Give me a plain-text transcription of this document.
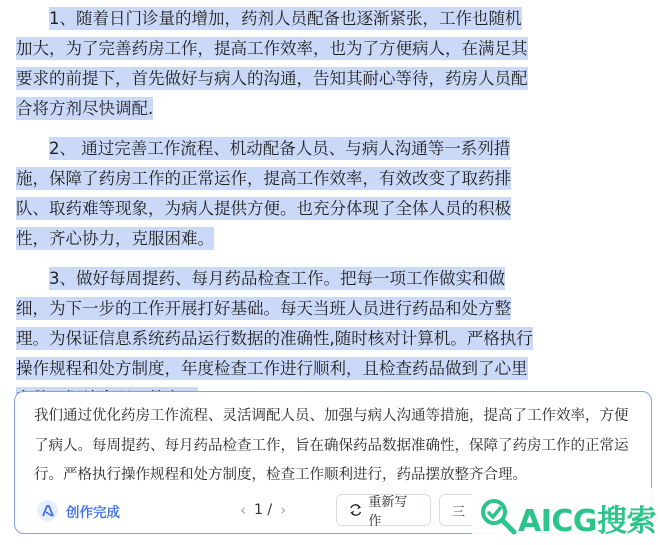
1、随着日门诊量的增加，药剂人员配备也逐渐紧张，工作也随机加大，为了完善药房工作，提高工作效率，也为了方便病人，在满足其要求的前提下，首先做好与病人的沟通，告知其耐心等待，药房人员配合将方剂尽快调配.

2、 通过完善工作流程、机动配备人员、与病人沟通等一系列措施，保障了药房工作的正常运作，提高工作效率，有效改变了取药排队、取药难等现象，为病人提供方便。也充分体现了全体人员的积极性，齐心协力，克服困难。

3、做好每周提药、每月药品检查工作。把每一项工作做实和做细，为下一步的工作开展打好基础。每天当班人员进行药品和处方整理。为保证信息系统药品运行数据的准确性,随时核对计算机。严格执行操作规程和处方制度，年度检查工作进行顺利，且检查药品做到了心里

我们通过优化药房工作流程、灵活调配人员、加强与病人沟通等措施，提高了工作效率，方便了病人。每周提药、每月药品检查工作，旨在确保药品数据准确性，保障了药房工作的正常运行。严格执行操作规程和处方制度，检查工作顺利进行，药品摆放整齐合理。
创作完成	‹ 1 / ›	重新写作
三 AICG搜索
